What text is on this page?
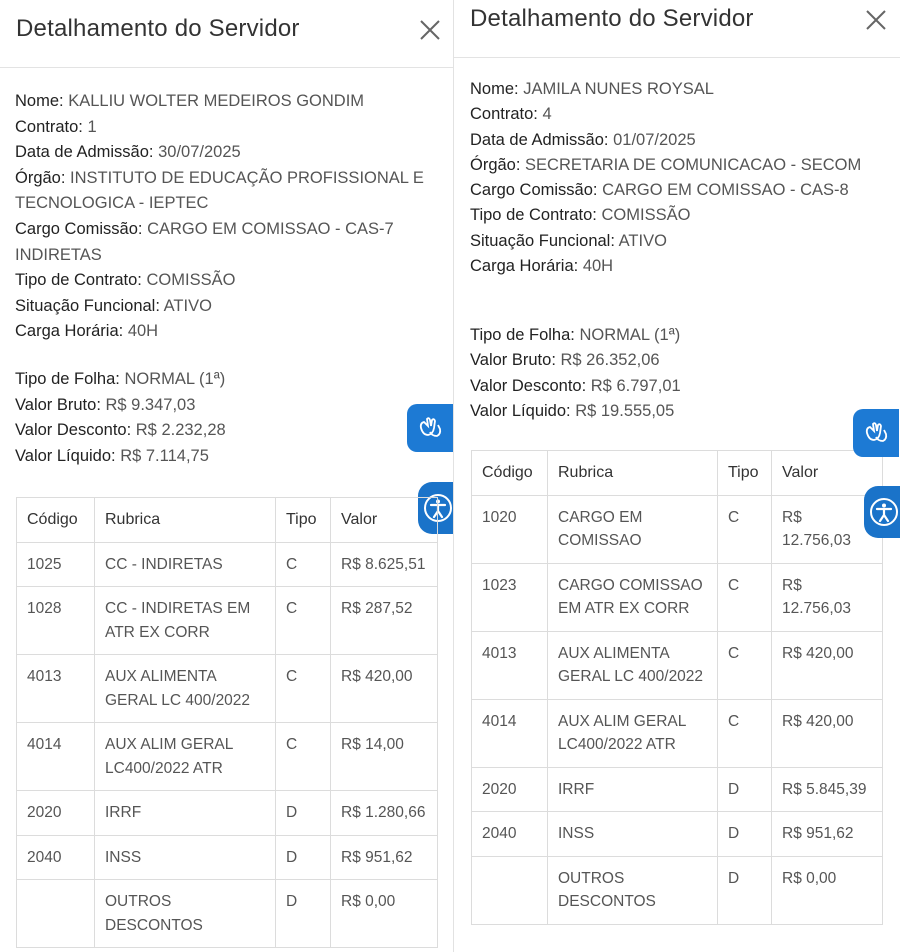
Detalhamento do Servidor
Nome: KALLIU WOLTER MEDEIROS GONDIM
Contrato: 1
Data de Admissão: 30/07/2025
Órgão: INSTITUTO DE EDUCAÇÃO PROFISSIONAL E TECNOLOGICA - IEPTEC
Cargo Comissão: CARGO EM COMISSAO - CAS-7 INDIRETAS
Tipo de Contrato: COMISSÃO
Situação Funcional: ATIVO
Carga Horária: 40H
Tipo de Folha: NORMAL (1ª)
Valor Bruto: R$ 9.347,03
Valor Desconto: R$ 2.232,28
Valor Líquido: R$ 7.114,75
Código	Rubrica	Tipo	Valor
1025	CC - INDIRETAS	C	R$ 8.625,51
1028	CC - INDIRETAS EM ATR EX CORR	C	R$ 287,52
4013	AUX ALIMENTA GERAL LC 400/2022	C	R$ 420,00
4014	AUX ALIM GERAL LC400/2022 ATR	C	R$ 14,00
2020	IRRF	D	R$ 1.280,66
2040	INSS	D	R$ 951,62
	OUTROS DESCONTOS	D	R$ 0,00
Detalhamento do Servidor
Nome: JAMILA NUNES ROYSAL
Contrato: 4
Data de Admissão: 01/07/2025
Órgão: SECRETARIA DE COMUNICACAO - SECOM
Cargo Comissão: CARGO EM COMISSAO - CAS-8
Tipo de Contrato: COMISSÃO
Situação Funcional: ATIVO
Carga Horária: 40H
Tipo de Folha: NORMAL (1ª)
Valor Bruto: R$ 26.352,06
Valor Desconto: R$ 6.797,01
Valor Líquido: R$ 19.555,05
Código	Rubrica	Tipo	Valor
1020	CARGO EM COMISSAO	C	R$ 12.756,03
1023	CARGO COMISSAO EM ATR EX CORR	C	R$ 12.756,03
4013	AUX ALIMENTA GERAL LC 400/2022	C	R$ 420,00
4014	AUX ALIM GERAL LC400/2022 ATR	C	R$ 420,00
2020	IRRF	D	R$ 5.845,39
2040	INSS	D	R$ 951,62
	OUTROS DESCONTOS	D	R$ 0,00
